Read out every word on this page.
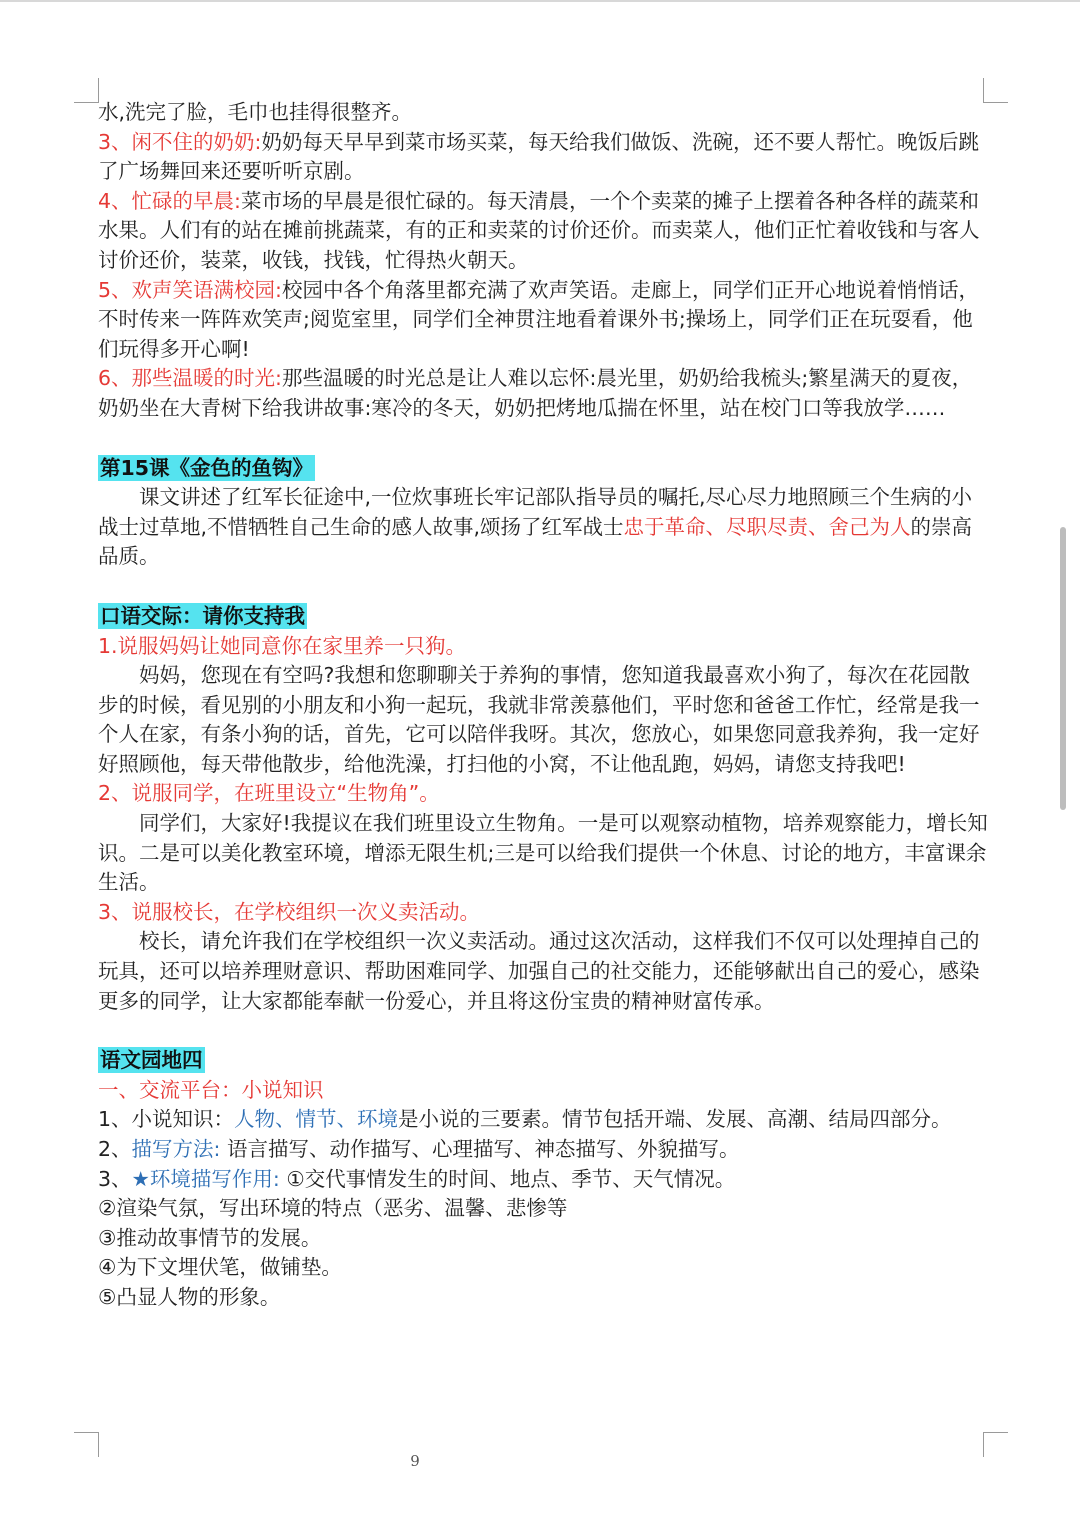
水,洗完了脸，毛巾也挂得很整齐。

3、闲不住的奶奶:奶奶每天早早到菜市场买菜，每天给我们做饭、洗碗，还不要人帮忙。晚饭后跳了广场舞回来还要听听京剧。

4、忙碌的早晨:菜市场的早晨是很忙碌的。每天清晨，一个个卖菜的摊子上摆着各种各样的蔬菜和水果。人们有的站在摊前挑蔬菜，有的正和卖菜的讨价还价。而卖菜人，他们正忙着收钱和与客人讨价还价，装菜，收钱，找钱，忙得热火朝天。

5、欢声笑语满校园:校园中各个角落里都充满了欢声笑语。走廊上，同学们正开心地说着悄悄话，不时传来一阵阵欢笑声;阅览室里，同学们全神贯注地看着课外书;操场上，同学们正在玩耍看，他们玩得多开心啊!

6、那些温暖的时光:那些温暖的时光总是让人难以忘怀:晨光里，奶奶给我梳头;繁星满天的夏夜，奶奶坐在大青树下给我讲故事:寒冷的冬天，奶奶把烤地瓜揣在怀里，站在校门口等我放学……

第15课《金色的鱼钩》

课文讲述了红军长征途中,一位炊事班长牢记部队指导员的嘱托,尽心尽力地照顾三个生病的小战士过草地,不惜牺牲自己生命的感人故事,颂扬了红军战士忠于革命、尽职尽责、舍己为人的崇高品质。

口语交际：请你支持我

1.说服妈妈让她同意你在家里养一只狗。

妈妈，您现在有空吗?我想和您聊聊关于养狗的事情，您知道我最喜欢小狗了，每次在花园散步的时候，看见别的小朋友和小狗一起玩，我就非常羡慕他们，平时您和爸爸工作忙，经常是我一个人在家，有条小狗的话，首先，它可以陪伴我呀。其次，您放心，如果您同意我养狗，我一定好好照顾他，每天带他散步，给他洗澡，打扫他的小窝，不让他乱跑，妈妈，请您支持我吧!

2、说服同学，在班里设立“生物角”。

同学们，大家好!我提议在我们班里设立生物角。一是可以观察动植物，培养观察能力，增长知识。二是可以美化教室环境，增添无限生机;三是可以给我们提供一个休息、讨论的地方，丰富课余生活。

3、说服校长，在学校组织一次义卖活动。

校长，请允许我们在学校组织一次义卖活动。通过这次活动，这样我们不仅可以处理掉自己的玩具，还可以培养理财意识、帮助困难同学、加强自己的社交能力，还能够献出自己的爱心，感染更多的同学，让大家都能奉献一份爱心，并且将这份宝贵的精神财富传承。

语文园地四

一、交流平台：小说知识

1、小说知识：人物、情节、环境是小说的三要素。情节包括开端、发展、高潮、结局四部分。

2、描写方法: 语言描写、动作描写、心理描写、神态描写、外貌描写。

3、★环境描写作用: ①交代事情发生的时间、地点、季节、天气情况。

②渲染气氛，写出环境的特点（恶劣、温馨、悲惨等

③推动故事情节的发展。

④为下文埋伏笔，做铺垫。

⑤凸显人物的形象。

9
